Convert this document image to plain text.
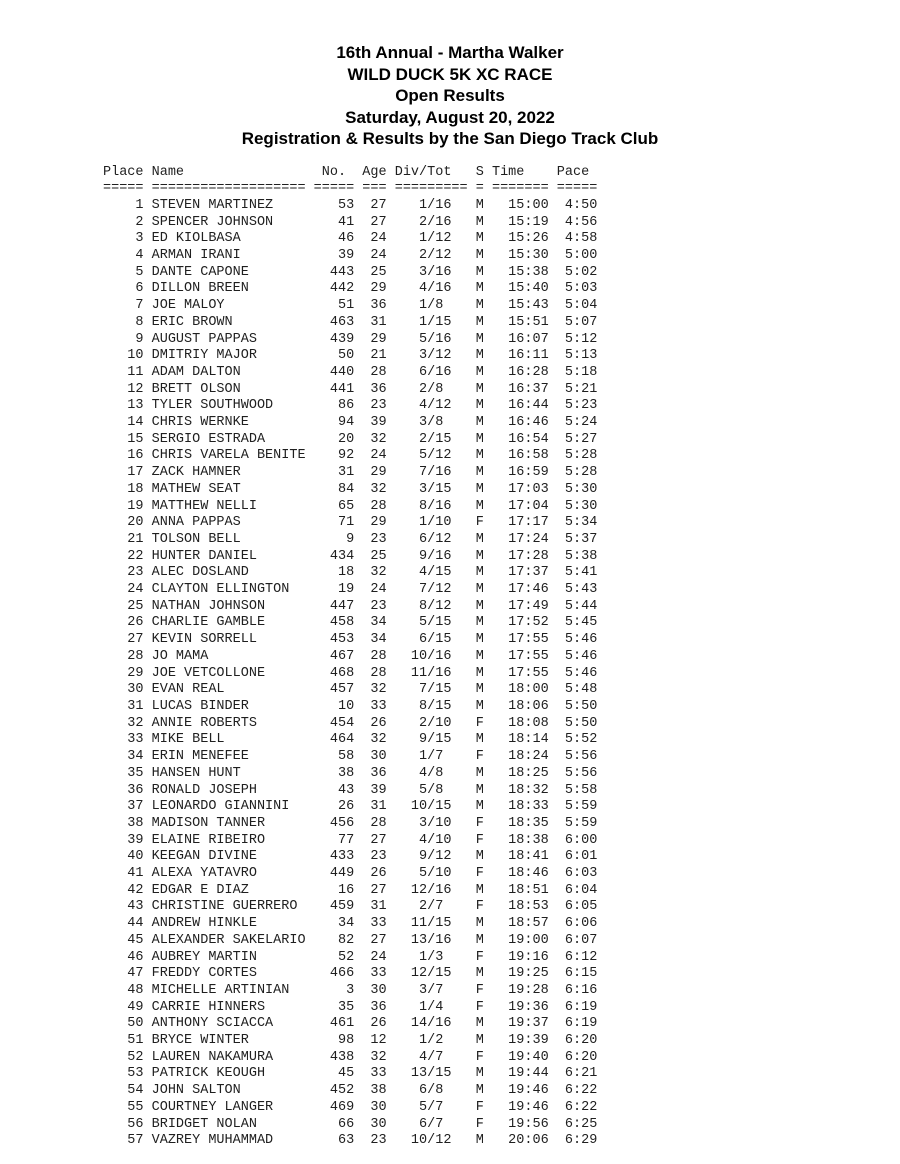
16th Annual - Martha Walker
WILD DUCK 5K XC RACE
Open Results
Saturday, August 20, 2022
Registration & Results by the San Diego Track Club
Place Name                 No.  Age Div/Tot   S Time    Pace
===== =================== ===== === ========= = ======= =====
1 STEVEN MARTINEZ        53  27    1/16   M   15:00  4:50
2 SPENCER JOHNSON        41  27    2/16   M   15:19  4:56
3 ED KIOLBASA            46  24    1/12   M   15:26  4:58
4 ARMAN IRANI            39  24    2/12   M   15:30  5:00
5 DANTE CAPONE          443  25    3/16   M   15:38  5:02
6 DILLON BREEN          442  29    4/16   M   15:40  5:03
7 JOE MALOY              51  36    1/8    M   15:43  5:04
8 ERIC BROWN            463  31    1/15   M   15:51  5:07
9 AUGUST PAPPAS         439  29    5/16   M   16:07  5:12
10 DMITRIY MAJOR          50  21    3/12   M   16:11  5:13
11 ADAM DALTON           440  28    6/16   M   16:28  5:18
12 BRETT OLSON           441  36    2/8    M   16:37  5:21
13 TYLER SOUTHWOOD        86  23    4/12   M   16:44  5:23
14 CHRIS WERNKE           94  39    3/8    M   16:46  5:24
15 SERGIO ESTRADA         20  32    2/15   M   16:54  5:27
16 CHRIS VARELA BENITE    92  24    5/12   M   16:58  5:28
17 ZACK HAMNER            31  29    7/16   M   16:59  5:28
18 MATHEW SEAT            84  32    3/15   M   17:03  5:30
19 MATTHEW NELLI          65  28    8/16   M   17:04  5:30
20 ANNA PAPPAS            71  29    1/10   F   17:17  5:34
21 TOLSON BELL             9  23    6/12   M   17:24  5:37
22 HUNTER DANIEL         434  25    9/16   M   17:28  5:38
23 ALEC DOSLAND           18  32    4/15   M   17:37  5:41
24 CLAYTON ELLINGTON      19  24    7/12   M   17:46  5:43
25 NATHAN JOHNSON        447  23    8/12   M   17:49  5:44
26 CHARLIE GAMBLE        458  34    5/15   M   17:52  5:45
27 KEVIN SORRELL         453  34    6/15   M   17:55  5:46
28 JO MAMA               467  28   10/16   M   17:55  5:46
29 JOE VETCOLLONE        468  28   11/16   M   17:55  5:46
30 EVAN REAL             457  32    7/15   M   18:00  5:48
31 LUCAS BINDER           10  33    8/15   M   18:06  5:50
32 ANNIE ROBERTS         454  26    2/10   F   18:08  5:50
33 MIKE BELL             464  32    9/15   M   18:14  5:52
34 ERIN MENEFEE           58  30    1/7    F   18:24  5:56
35 HANSEN HUNT            38  36    4/8    M   18:25  5:56
36 RONALD JOSEPH          43  39    5/8    M   18:32  5:58
37 LEONARDO GIANNINI      26  31   10/15   M   18:33  5:59
38 MADISON TANNER        456  28    3/10   F   18:35  5:59
39 ELAINE RIBEIRO         77  27    4/10   F   18:38  6:00
40 KEEGAN DIVINE         433  23    9/12   M   18:41  6:01
41 ALEXA YATAVRO         449  26    5/10   F   18:46  6:03
42 EDGAR E DIAZ           16  27   12/16   M   18:51  6:04
43 CHRISTINE GUERRERO    459  31    2/7    F   18:53  6:05
44 ANDREW HINKLE          34  33   11/15   M   18:57  6:06
45 ALEXANDER SAKELARIO    82  27   13/16   M   19:00  6:07
46 AUBREY MARTIN          52  24    1/3    F   19:16  6:12
47 FREDDY CORTES         466  33   12/15   M   19:25  6:15
48 MICHELLE ARTINIAN       3  30    3/7    F   19:28  6:16
49 CARRIE HINNERS         35  36    1/4    F   19:36  6:19
50 ANTHONY SCIACCA       461  26   14/16   M   19:37  6:19
51 BRYCE WINTER           98  12    1/2    M   19:39  6:20
52 LAUREN NAKAMURA       438  32    4/7    F   19:40  6:20
53 PATRICK KEOUGH         45  33   13/15   M   19:44  6:21
54 JOHN SALTON           452  38    6/8    M   19:46  6:22
55 COURTNEY LANGER       469  30    5/7    F   19:46  6:22
56 BRIDGET NOLAN          66  30    6/7    F   19:56  6:25
57 VAZREY MUHAMMAD        63  23   10/12   M   20:06  6:29
